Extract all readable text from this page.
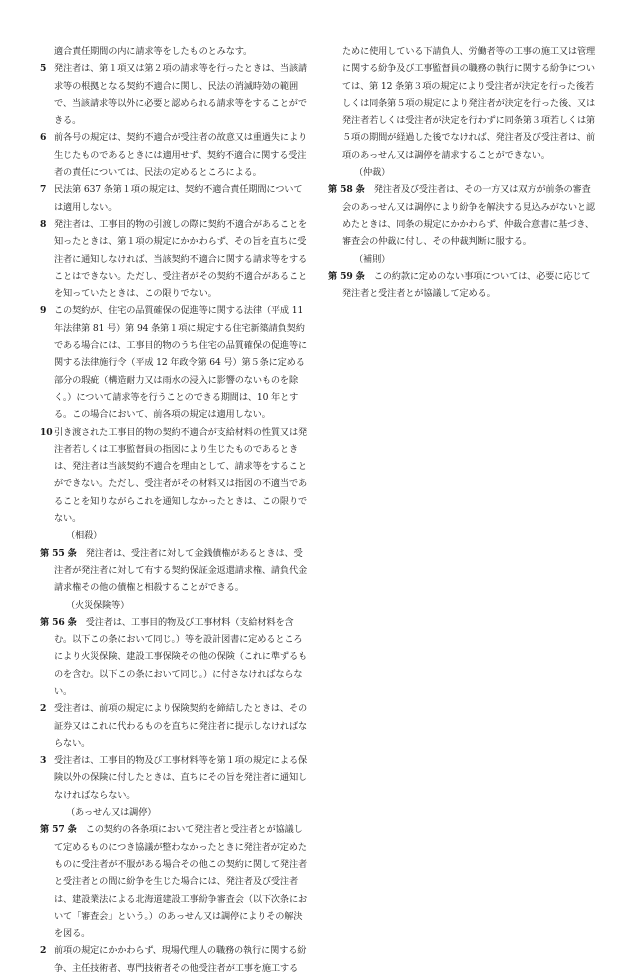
適合責任期間の内に請求等をしたものとみなす。
5 発注者は、第１項又は第２項の請求等を行ったときは、当該請求等の根拠となる契約不適合に関し、民法の消滅時効の範囲で、当該請求等以外に必要と認められる請求等をすることができる。
6 前各号の規定は、契約不適合が受注者の故意又は重過失により生じたものであるときには適用せず、契約不適合に関する受注者の責任については、民法の定めるところによる。
7 民法第 637 条第１項の規定は、契約不適合責任期間については適用しない。
8 発注者は、工事目的物の引渡しの際に契約不適合があることを知ったときは、第１項の規定にかかわらず、その旨を直ちに受注者に通知しなければ、当該契約不適合に関する請求等をすることはできない。ただし、受注者がその契約不適合があることを知っていたときは、この限りでない。
9 この契約が、住宅の品質確保の促進等に関する法律（平成 11 年法律第 81 号）第 94 条第１項に規定する住宅新築請負契約である場合には、工事目的物のうち住宅の品質確保の促進等に関する法律施行令（平成 12 年政令第 64 号）第５条に定める部分の瑕疵（構造耐力又は雨水の浸入に影響のないものを除く。）について請求等を行うことのできる期間は、10 年とする。この場合において、前各項の規定は適用しない。
10 引き渡された工事目的物の契約不適合が支給材料の性質又は発注者若しくは工事監督員の指図により生じたものであるときは、発注者は当該契約不適合を理由として、請求等をすることができない。ただし、受注者がその材料又は指図の不適当であることを知りながらこれを通知しなかったときは、この限りでない。
（相殺）
第 55 条　 発注者は、受注者に対して金銭債権があるときは、受注者が発注者に対して有する契約保証金返還請求権、請負代金請求権その他の債権と相殺することができる。
（火災保険等）
第 56 条　 受注者は、工事目的物及び工事材料（支給材料を含む。以下この条において同じ。）等を設計図書に定めるところにより火災保険、建設工事保険その他の保険（これに準ずるものを含む。以下この条において同じ。）に付さなければならない。
2 受注者は、前項の規定により保険契約を締結したときは、その証券又はこれに代わるものを直ちに発注者に提示しなければならない。
3 受注者は、工事目的物及び工事材料等を第１項の規定による保険以外の保険に付したときは、直ちにその旨を発注者に通知しなければならない。
（あっせん又は調停）
第 57 条　 この契約の各条項において発注者と受注者とが協議して定めるものにつき協議が整わなかったときに発注者が定めたものに受注者が不服がある場合その他この契約に関して発注者と受注者との間に紛争を生じた場合には、発注者及び受注者は、建設業法による北海道建設工事紛争審査会（以下次条において「審査会」という。）のあっせん又は調停によりその解決を図る。
2 前項の規定にかかわらず、現場代理人の職務の執行に関する紛争、主任技術者、専門技術者その他受注者が工事を施工する
ために使用している下請負人、労働者等の工事の施工又は管理に関する紛争及び工事監督員の職務の執行に関する紛争については、第 12 条第３項の規定により受注者が決定を行った後若しくは同条第５項の規定により発注者が決定を行った後、又は発注者若しくは受注者が決定を行わずに同条第３項若しくは第５項の期間が経過した後でなければ、発注者及び受注者は、前項のあっせん又は調停を請求することができない。
（仲裁）
第 58 条　 発注者及び受注者は、その一方又は双方が前条の審査会のあっせん又は調停により紛争を解決する見込みがないと認めたときは、同条の規定にかかわらず、仲裁合意書に基づき、審査会の仲裁に付し、その仲裁判断に服する。
（補則）
第 59 条　 この約款に定めのない事項については、必要に応じて発注者と受注者とが協議して定める。
